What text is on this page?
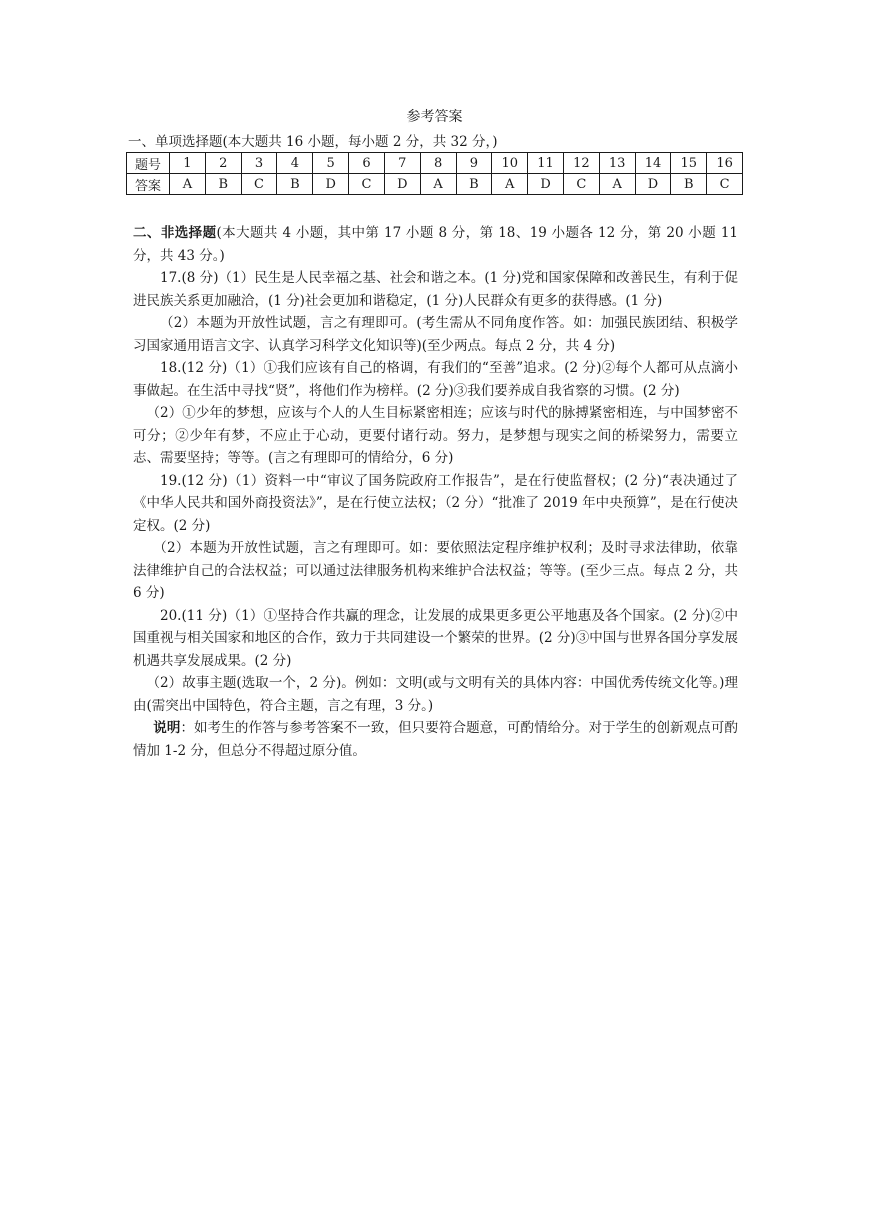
参考答案

一、单项选择题(本大题共 16 小题，每小题 2 分，共 32 分，)

题号	1	2	3	4	5	6	7	8	9	10	11	12	13	14	15	16
答案	A	B	C	B	D	C	D	A	B	A	D	C	A	D	B	C

二、非选择题(本大题共 4 小题，其中第 17 小题 8 分，第 18、19 小题各 12 分，第 20 小题 11 分，共 43 分。)

17.(8 分)（1）民生是人民幸福之基、社会和谐之本。(1 分)党和国家保障和改善民生，有利于促进民族关系更加融洽，(1 分)社会更加和谐稳定，(1 分)人民群众有更多的获得感。(1 分)

（2）本题为开放性试题，言之有理即可。(考生需从不同角度作答。如：加强民族团结、积极学习国家通用语言文字、认真学习科学文化知识等)(至少两点。每点 2 分，共 4 分)

18.(12 分)（1）①我们应该有自己的格调，有我们的“至善”追求。(2 分)②每个人都可从点滴小事做起。在生活中寻找“贤”，将他们作为榜样。(2 分)③我们要养成自我省察的习惯。(2 分)

（2）①少年的梦想，应该与个人的人生目标紧密相连；应该与时代的脉搏紧密相连，与中国梦密不可分；②少年有梦，不应止于心动，更要付诸行动。努力，是梦想与现实之间的桥梁努力，需要立志、需要坚持；等等。(言之有理即可的情给分，6 分)

19.(12 分)（1）资料一中“审议了国务院政府工作报告”，是在行使监督权；(2 分)“表决通过了《中华人民共和国外商投资法》”，是在行使立法权；（2 分）“批准了 2019 年中央预算”，是在行使决定权。(2 分)

（2）本题为开放性试题，言之有理即可。如：要依照法定程序维护权利；及时寻求法律助，依靠法律维护自己的合法权益；可以通过法律服务机构来维护合法权益；等等。(至少三点。每点 2 分，共 6 分)

20.(11 分)（1）①坚持合作共赢的理念，让发展的成果更多更公平地惠及各个国家。(2 分)②中国重视与相关国家和地区的合作，致力于共同建设一个繁荣的世界。(2 分)③中国与世界各国分享发展机遇共享发展成果。(2 分)

（2）故事主题(选取一个，2 分)。例如：文明(或与文明有关的具体内容：中国优秀传统文化等。)理由(需突出中国特色，符合主题，言之有理，3 分。)

说明：如考生的作答与参考答案不一致，但只要符合题意，可酌情给分。对于学生的创新观点可酌情加 1-2 分，但总分不得超过原分值。
